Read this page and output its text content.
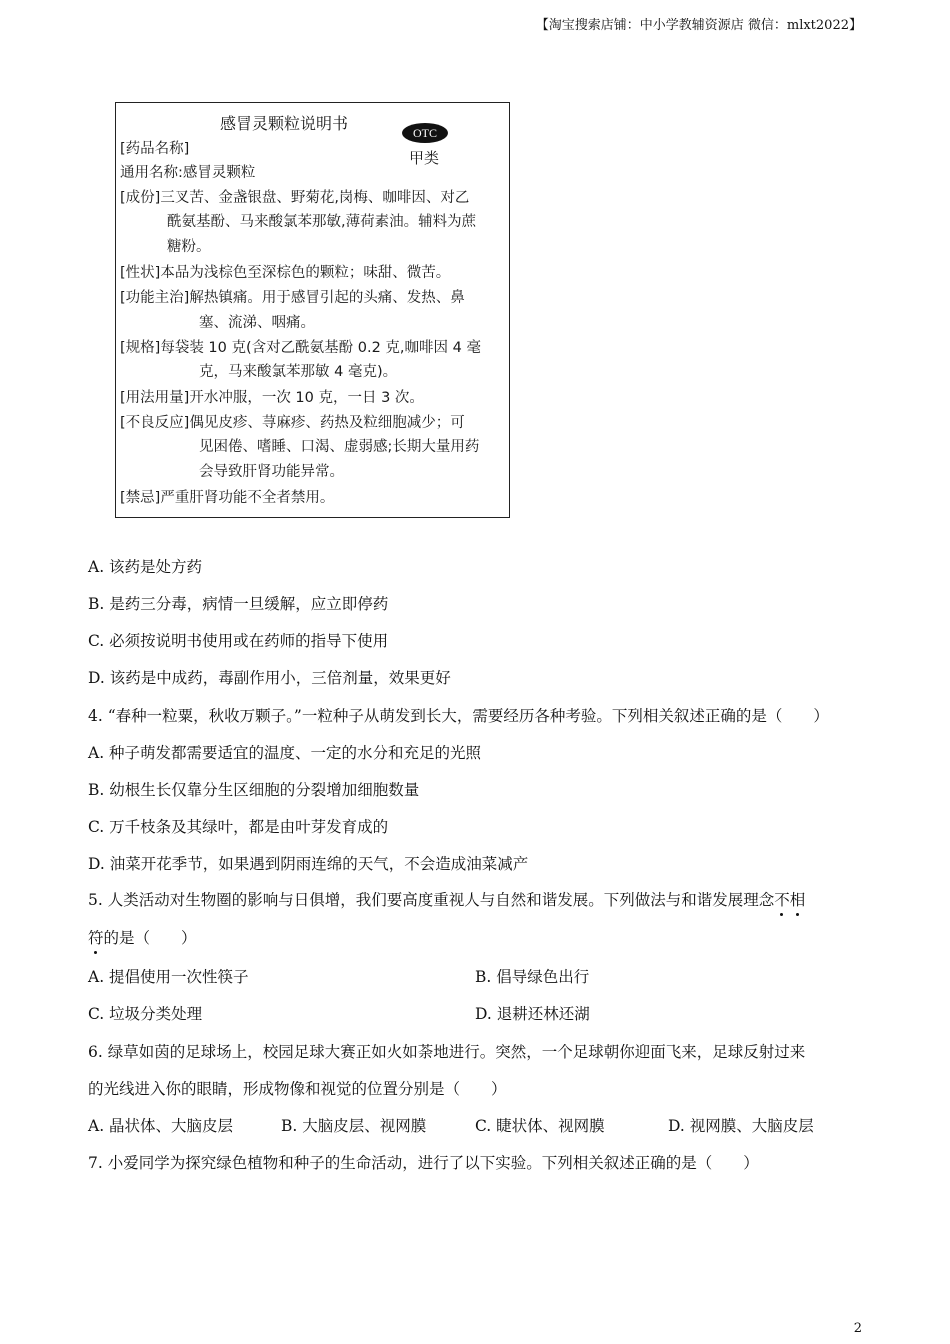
【淘宝搜索店铺：中小学教辅资源店 微信：mlxt2022】
感冒灵颗粒说明书	OTC
甲类
[药品名称]
通用名称:感冒灵颗粒
[成份]三叉苦、金盏银盘、野菊花,岗梅、咖啡因、对乙
酰氨基酚、马来酸氯苯那敏,薄荷素油。辅料为蔗
糖粉。
[性状]本品为浅棕色至深棕色的颗粒；味甜、微苦。
[功能主治]解热镇痛。用于感冒引起的头痛、发热、鼻
塞、流涕、咽痛。
[规格]每袋装 10 克(含对乙酰氨基酚 0.2 克,咖啡因 4 毫
克，马来酸氯苯那敏 4 毫克)。
[用法用量]开水冲服，一次 10 克，一日 3 次。
[不良反应]偶见皮疹、荨麻疹、药热及粒细胞减少；可
见困倦、嗜睡、口渴、虚弱感;长期大量用药
会导致肝肾功能异常。
[禁忌]严重肝肾功能不全者禁用。
A. 该药是处方药
B. 是药三分毒，病情一旦缓解，应立即停药
C. 必须按说明书使用或在药师的指导下使用
D. 该药是中成药，毒副作用小，三倍剂量，效果更好
4. “春种一粒粟，秋收万颗子。”一粒种子从萌发到长大，需要经历各种考验。下列相关叙述正确的是（　　）
A. 种子萌发都需要适宜的温度、一定的水分和充足的光照
B. 幼根生长仅靠分生区细胞的分裂增加细胞数量
C. 万千枝条及其绿叶，都是由叶芽发育成的
D. 油菜开花季节，如果遇到阴雨连绵的天气，不会造成油菜减产
5. 人类活动对生物圈的影响与日俱增，我们要高度重视人与自然和谐发展。下列做法与和谐发展理念不相
符的是（　　）
A. 提倡使用一次性筷子	B. 倡导绿色出行
C. 垃圾分类处理	D. 退耕还林还湖
6. 绿草如茵的足球场上，校园足球大赛正如火如荼地进行。突然，一个足球朝你迎面飞来，足球反射过来
的光线进入你的眼睛，形成物像和视觉的位置分别是（　　）
A. 晶状体、大脑皮层	B. 大脑皮层、视网膜	C. 睫状体、视网膜	D. 视网膜、大脑皮层
7. 小爱同学为探究绿色植物和种子的生命活动，进行了以下实验。下列相关叙述正确的是（　　）
2
